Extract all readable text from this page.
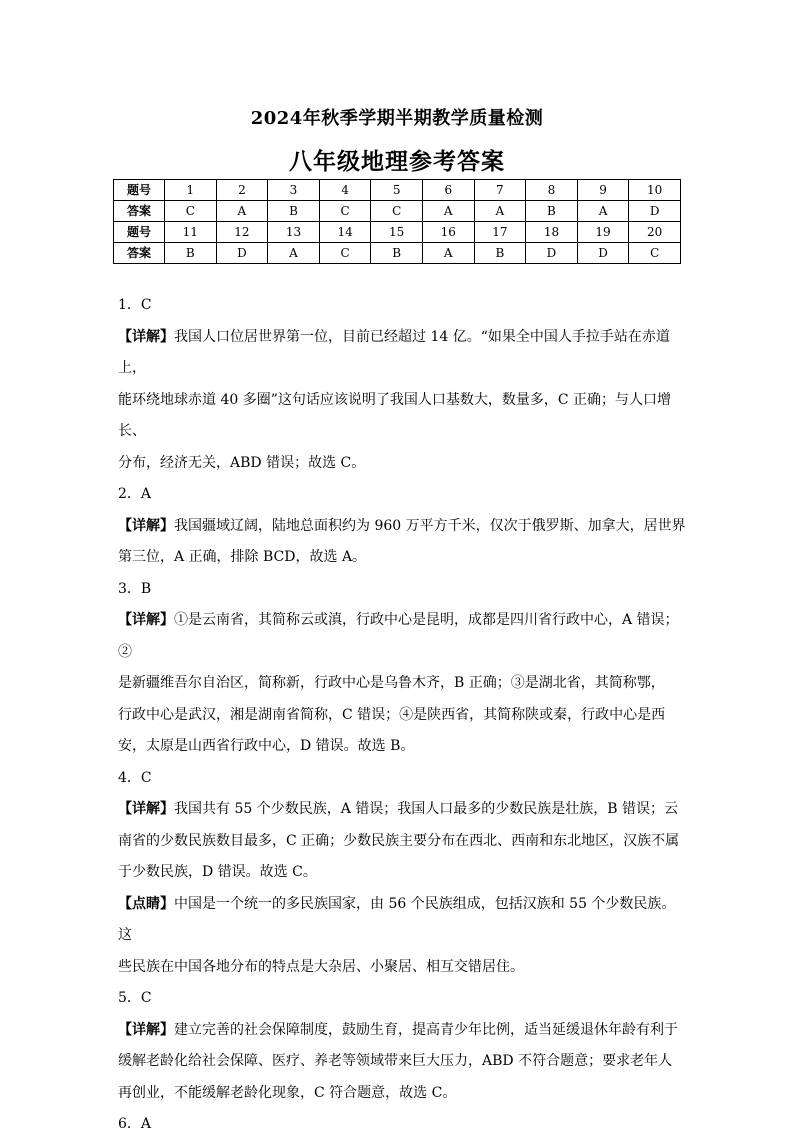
2024年秋季学期半期教学质量检测
八年级地理参考答案
题号	1	2	3	4	5	6	7	8	9	10
答案	C	A	B	C	C	A	A	B	A	D
题号	11	12	13	14	15	16	17	18	19	20
答案	B	D	A	C	B	A	B	D	D	C

1．C

【详解】我国人口位居世界第一位，目前已经超过 14 亿。“如果全中国人手拉手站在赤道上，

能环绕地球赤道 40 多圈”这句话应该说明了我国人口基数大，数量多，C 正确；与人口增长、

分布，经济无关，ABD 错误；故选 C。

2．A

【详解】我国疆域辽阔，陆地总面积约为 960 万平方千米，仅次于俄罗斯、加拿大，居世界

第三位，A 正确，排除 BCD，故选 A。

3．B

【详解】①是云南省，其简称云或滇，行政中心是昆明，成都是四川省行政中心，A 错误；②

是新疆维吾尔自治区，简称新，行政中心是乌鲁木齐，B 正确；③是湖北省，其简称鄂，

行政中心是武汉，湘是湖南省简称，C 错误；④是陕西省，其简称陕或秦，行政中心是西

安，太原是山西省行政中心，D 错误。故选 B。

4．C

【详解】我国共有 55 个少数民族，A 错误；我国人口最多的少数民族是壮族，B 错误；云

南省的少数民族数目最多，C 正确；少数民族主要分布在西北、西南和东北地区，汉族不属

于少数民族，D 错误。故选 C。

【点睛】中国是一个统一的多民族国家，由 56 个民族组成，包括汉族和 55 个少数民族。这

些民族在中国各地分布的特点是大杂居、小聚居、相互交错居住。

5．C

【详解】建立完善的社会保障制度，鼓励生育，提高青少年比例，适当延缓退休年龄有利于

缓解老龄化给社会保障、医疗、养老等领域带来巨大压力，ABD 不符合题意；要求老年人

再创业，不能缓解老龄化现象，C 符合题意，故选 C。

6．A
